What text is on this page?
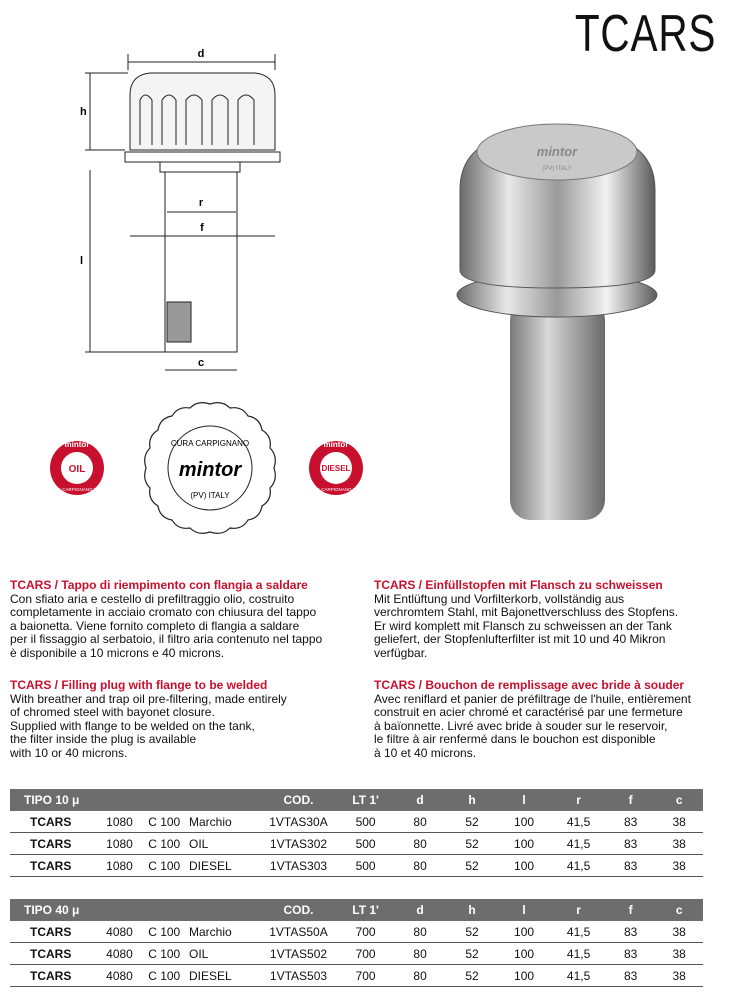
TCARS
d
h
l
r
f
c
mintor
OIL
CURA CARPIGNANO ITALY
CURA CARPIGNANO
mintor
(PV) ITALY
mintor
DIESEL
CURA CARPIGNANO ITALY
mintor
(PV) ITALY
TCARS / Tappo di riempimento con flangia a saldare

Con sfiato aria e cestello di prefiltraggio olio, costruito
completamente in acciaio cromato con chiusura del tappo
a baionetta. Viene fornito completo di flangia a saldare
per il fissaggio al serbatoio, il filtro aria contenuto nel tappo
è disponibile a 10 microns e 40 microns.

TCARS / Filling plug with flange to be welded

With breather and trap oil pre-filtering, made entirely
of chromed steel with bayonet closure.
Supplied with flange to be welded on the tank,
the filter inside the plug is available
with 10 or 40 microns.

TCARS / Einfüllstopfen mit Flansch zu schweissen

Mit Entlüftung und Vorfilterkorb, vollständig aus
verchromtem Stahl, mit Bajonettverschluss des Stopfens.
Er wird komplett mit Flansch zu schweissen an der Tank
geliefert, der Stopfenlufterfilter ist mit 10 und 40 Mikron
verfügbar.

TCARS / Bouchon de remplissage avec bride à souder

Avec reniflard et panier de préfiltrage de l'huile, entièrement
construit en acier chromé et caractérisé par une fermeture
à baïonnette. Livré avec bride à souder sur le reservoir,
le filtre à air renfermé dans le bouchon est disponible
à 10 et 40 microns.

TIPO 10 μ				COD.	LT 1'	d	h	l	r	f	c
TCARS	1080	C 100	Marchio	1VTAS30A	500	80	52	100	41,5	83	38
TCARS	1080	C 100	OIL	1VTAS302	500	80	52	100	41,5	83	38
TCARS	1080	C 100	DIESEL	1VTAS303	500	80	52	100	41,5	83	38
TIPO 40 μ				COD.	LT 1'	d	h	l	r	f	c
TCARS	4080	C 100	Marchio	1VTAS50A	700	80	52	100	41,5	83	38
TCARS	4080	C 100	OIL	1VTAS502	700	80	52	100	41,5	83	38
TCARS	4080	C 100	DIESEL	1VTAS503	700	80	52	100	41,5	83	38
